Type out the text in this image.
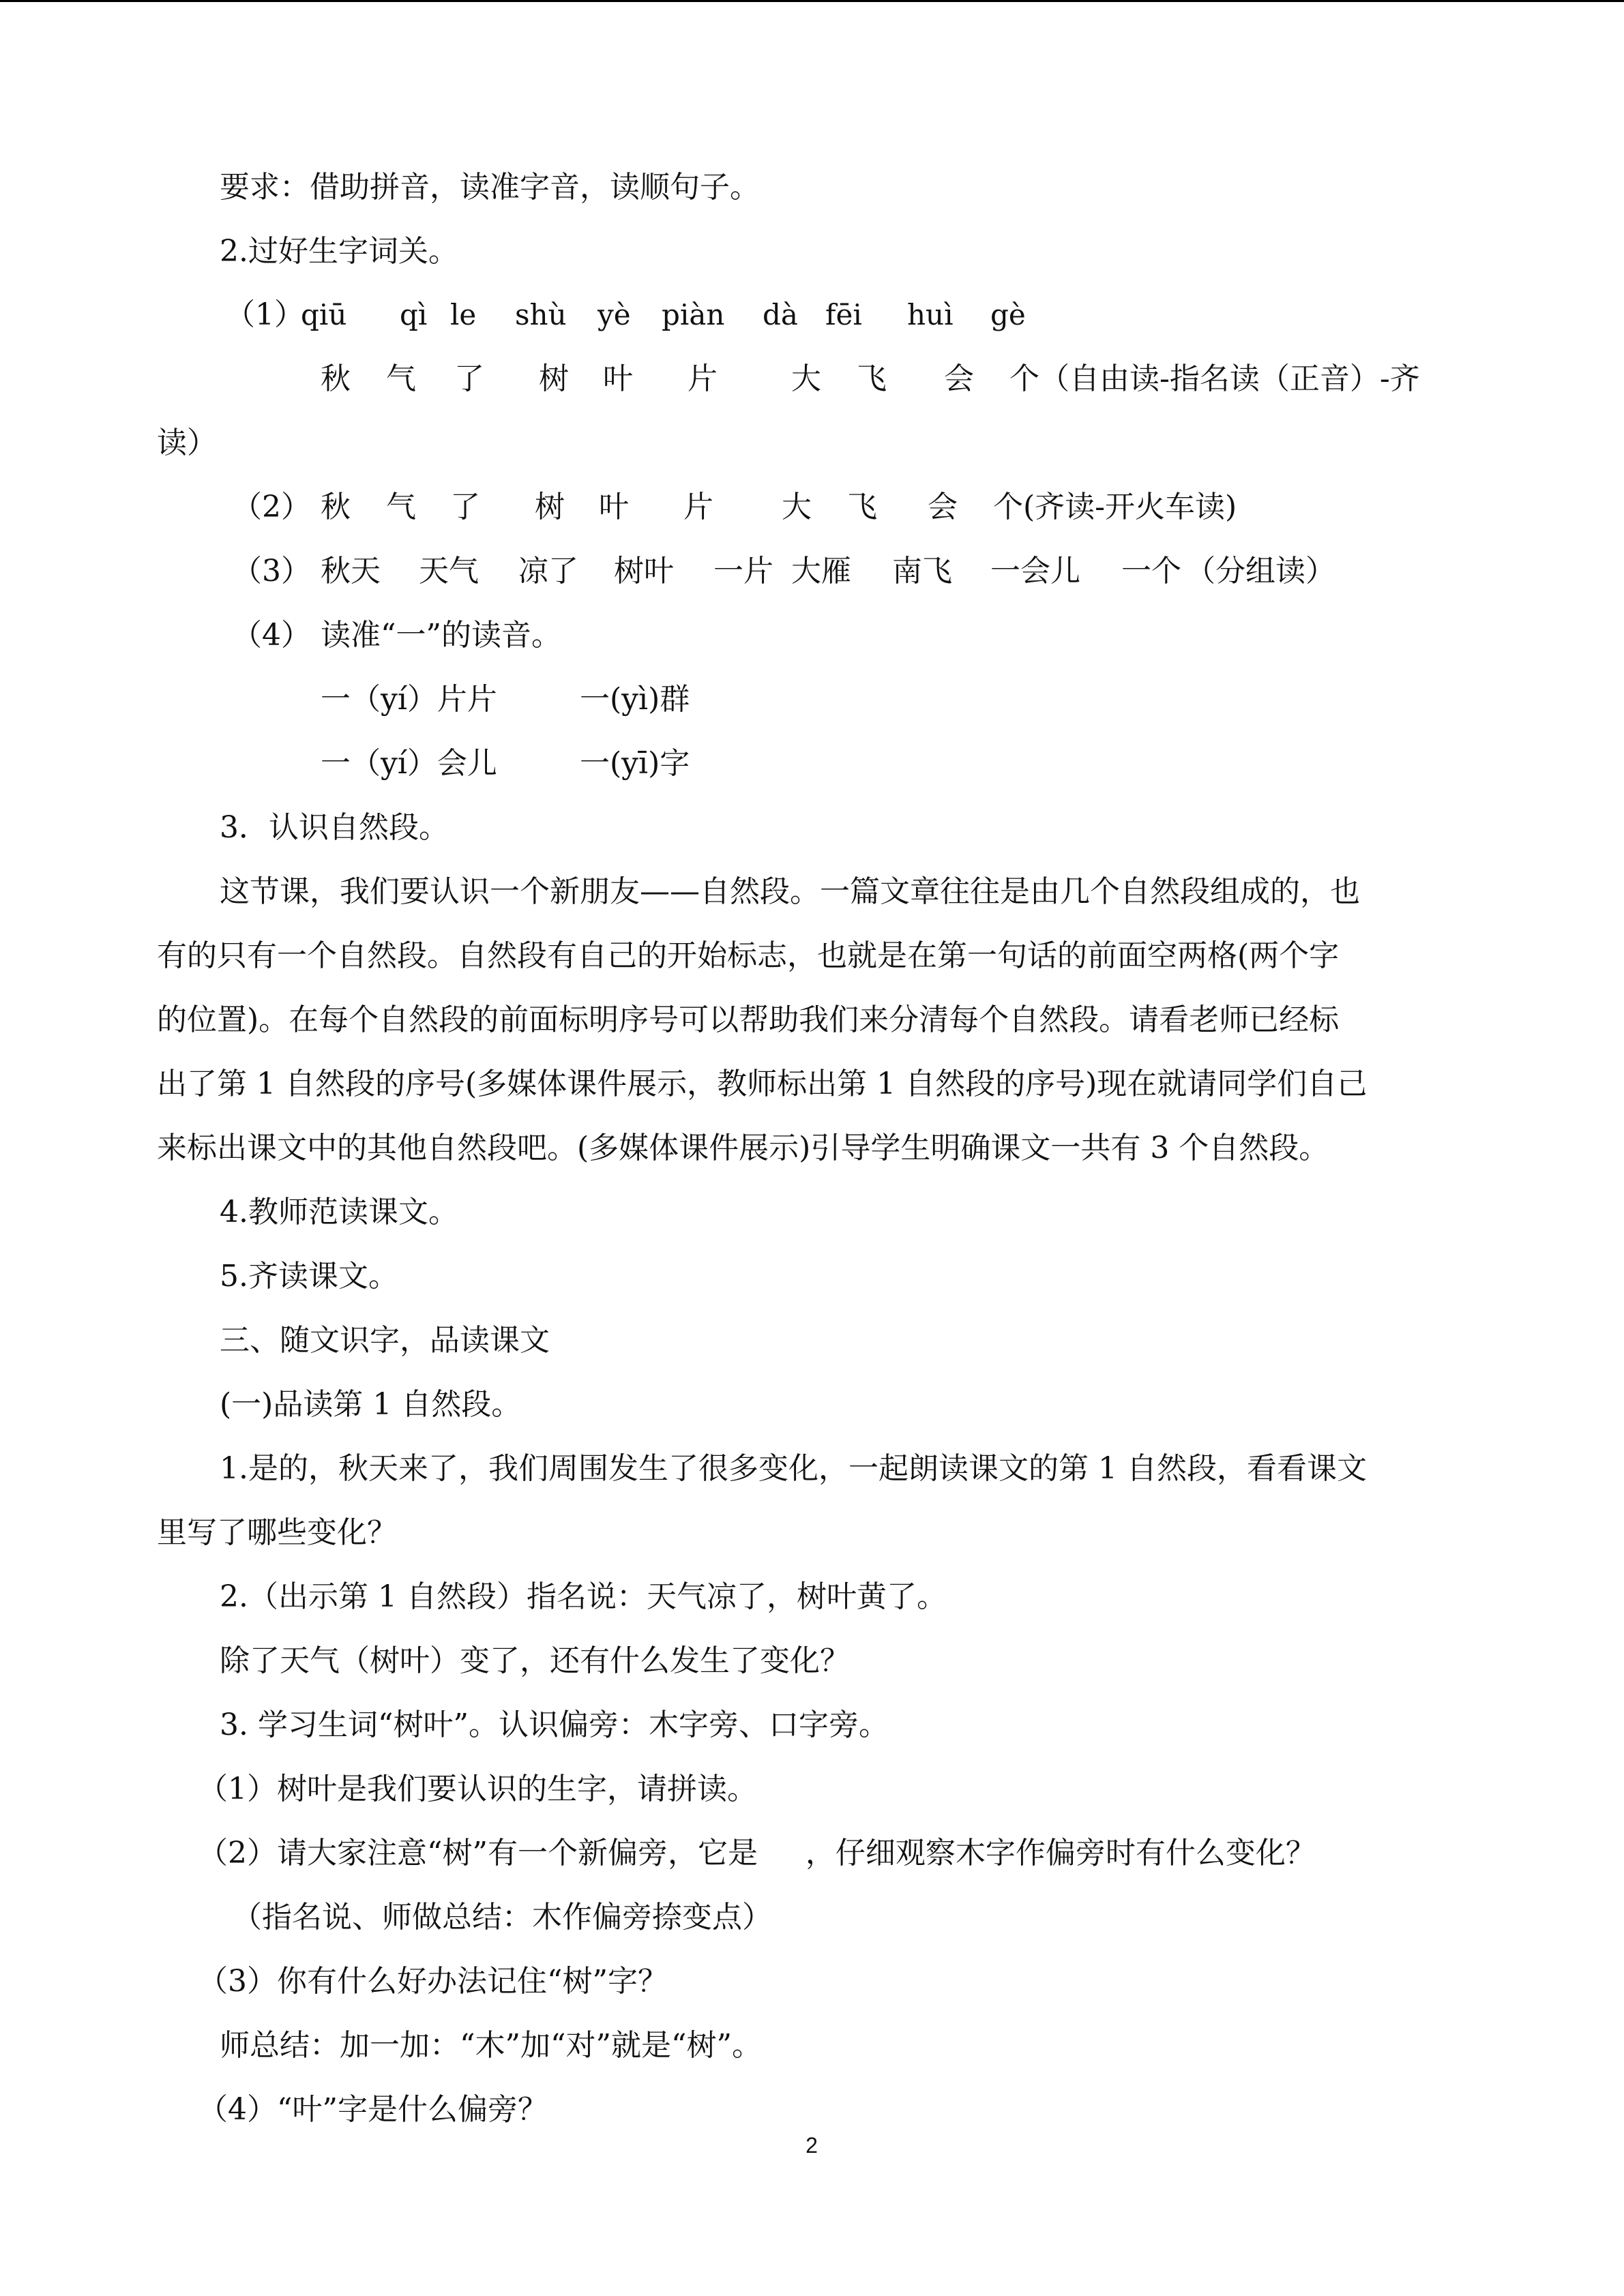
要求：借助拼音，读准字音，读顺句子。
2.过好生字词关。
（1）
qiū qì le shù yè piàn dà fēi huì gè
秋 气 了 树 叶 片 大 飞 会 个 （自由读-指名读（正音）-齐
读）
（2） 秋 气 了 树 叶 片 大 飞 会 个 (齐读-开火车读)
（3） 秋天 天气 凉了 树叶 一片 大雁 南飞 一会儿 一个 （分组读）
（4） 读准“一”的读音。
一（yí）片片	一(yì)群
一（yí）会儿	一(yī)字
3．认识自然段。
这节课，我们要认识一个新朋友——自然段。一篇文章往往是由几个自然段组成的，也
有的只有一个自然段。自然段有自己的开始标志，也就是在第一句话的前面空两格(两个字
的位置)。在每个自然段的前面标明序号可以帮助我们来分清每个自然段。请看老师已经标
出了第 1 自然段的序号(多媒体课件展示，教师标出第 1 自然段的序号)现在就请同学们自己
来标出课文中的其他自然段吧。(多媒体课件展示)引导学生明确课文一共有 3 个自然段。
4.教师范读课文。
5.齐读课文。
三、随文识字，品读课文
(一)品读第 1 自然段。
1.是的，秋天来了，我们周围发生了很多变化，一起朗读课文的第 1 自然段，看看课文
里写了哪些变化？
2.（出示第 1 自然段）指名说：天气凉了，树叶黄了。
除了天气（树叶）变了，还有什么发生了变化？
3. 学习生词“树叶”。认识偏旁：木字旁、口字旁。
（1）树叶是我们要认识的生字，请拼读。
（2）请大家注意“树”有一个新偏旁，它是     ，仔细观察木字作偏旁时有什么变化？
（指名说、师做总结：木作偏旁捺变点）
（3）你有什么好办法记住“树”字？
师总结：加一加：“木”加“对”就是“树”。
（4）“叶”字是什么偏旁？
2
